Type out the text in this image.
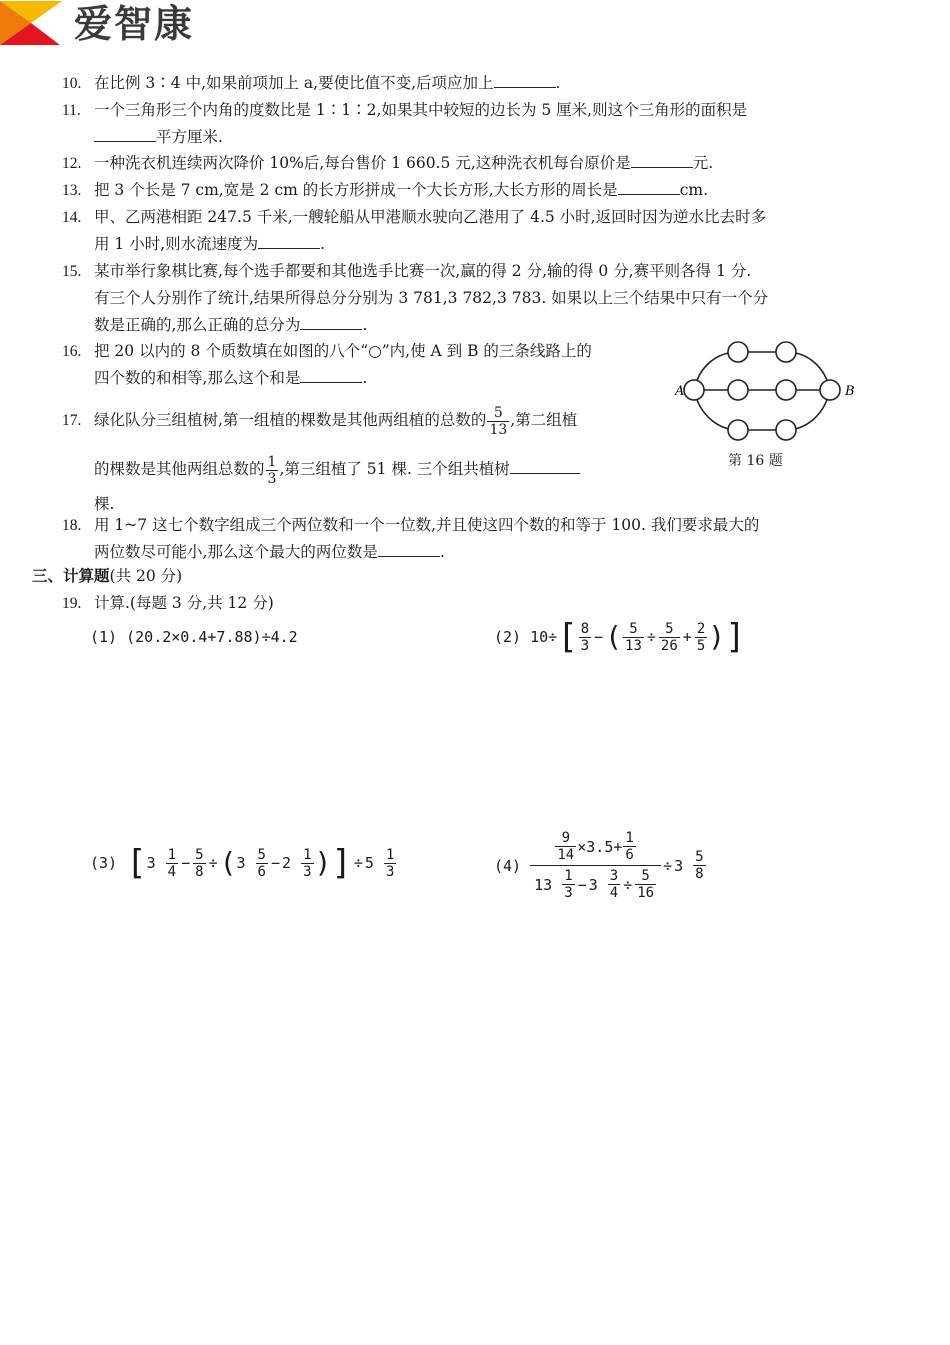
爱智康
10. 在比例 3∶4 中,如果前项加上 a,要使比值不变,后项应加上	.
11. 一个三角形三个内角的度数比是 1∶1∶2,如果其中较短的边长为 5 厘米,则这个三角形的面积是
平方厘米.
12. 一种洗衣机连续两次降价 10%后,每台售价 1 660.5 元,这种洗衣机每台原价是	元.
13. 把 3 个长是 7 cm,宽是 2 cm 的长方形拼成一个大长方形,大长方形的周长是	cm.
14. 甲、乙两港相距 247.5 千米,一艘轮船从甲港顺水驶向乙港用了 4.5 小时,返回时因为逆水比去时多
用 1 小时,则水流速度为	.
15. 某市举行象棋比赛,每个选手都要和其他选手比赛一次,赢的得 2 分,输的得 0 分,赛平则各得 1 分.
有三个人分别作了统计,结果所得总分分别为 3 781,3 782,3 783. 如果以上三个结果中只有一个分
数是正确的,那么正确的总分为	.
16. 把 20 以内的 8 个质数填在如图的八个“○”内,使 A 到 B 的三条线路上的
四个数的和相等,那么这个和是	.
17. 绿化队分三组植树,第一组植的棵数是其他两组植的总数的 $\frac{5}{13}$ ,第二组植
的棵数是其他两组总数的 $\frac{1}{3}$ ,第三组植了 51 棵. 三个组共植树
棵.
A	B
第 16 题
18. 用 1~7 这七个数字组成三个两位数和一个一位数,并且使这四个数的和等于 100. 我们要求最大的
两位数尽可能小,那么这个最大的两位数是	.
三、计算题(共 20 分)
19. 计算.(每题 3 分,共 12 分)
(1)
(20.2×0.4+7.88)÷4.2	(2)
10÷ [ $\frac{8}{3}$ − ( $\frac{5}{13} \div \frac{5}{26} + \frac{2}{5}$ ) ]
(3)
[ 3
$\frac{1}{4} - \frac{5}{8}$ ÷ ( 3
$\frac{5}{6} - 2$
$\frac{1}{3}$ ) ] ÷ 5
$\frac{1}{3}$	(4)
$\frac{9}{14} \times 3.5+ \frac{1}{6}$
13
$\frac{1}{3} - 3$
$\frac{3}{4} \div \frac{5}{16} \div 3$
$\frac{5}{8}$
